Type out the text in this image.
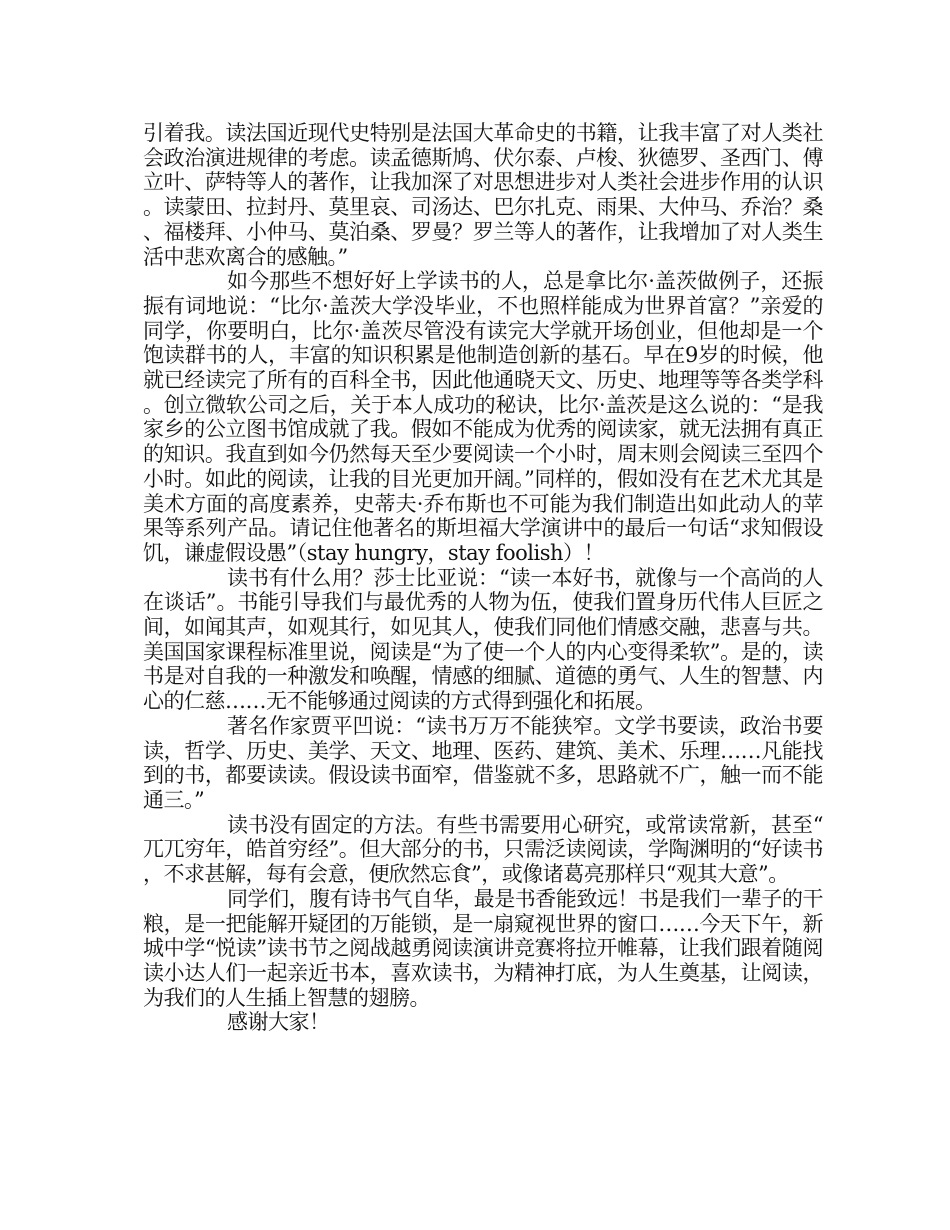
引着我。读法国近现代史特别是法国大革命史的书籍，让我丰富了对人类社会政治演进规律的考虑。读孟德斯鸠、伏尔泰、卢梭、狄德罗、圣西门、傅立叶、萨特等人的著作，让我加深了对思想进步对人类社会进步作用的认识。读蒙田、拉封丹、莫里哀、司汤达、巴尔扎克、雨果、大仲马、乔治？桑、福楼拜、小仲马、莫泊桑、罗曼？罗兰等人的著作，让我增加了对人类生活中悲欢离合的感触。”

如今那些不想好好上学读书的人，总是拿比尔·盖茨做例子，还振振有词地说：“比尔·盖茨大学没毕业，不也照样能成为世界首富？”亲爱的同学，你要明白，比尔·盖茨尽管没有读完大学就开场创业，但他却是一个饱读群书的人，丰富的知识积累是他制造创新的基石。早在9岁的时候，他就已经读完了所有的百科全书，因此他通晓天文、历史、地理等等各类学科。创立微软公司之后，关于本人成功的秘诀，比尔·盖茨是这么说的：“是我家乡的公立图书馆成就了我。假如不能成为优秀的阅读家，就无法拥有真正的知识。我直到如今仍然每天至少要阅读一个小时，周末则会阅读三至四个小时。如此的阅读，让我的目光更加开阔。”同样的，假如没有在艺术尤其是美术方面的高度素养，史蒂夫·乔布斯也不可能为我们制造出如此动人的苹果等系列产品。请记住他著名的斯坦福大学演讲中的最后一句话“求知假设饥，谦虚假设愚”（stay hungry，stay foolish）！

读书有什么用？莎士比亚说：“读一本好书，就像与一个高尚的人在谈话”。书能引导我们与最优秀的人物为伍，使我们置身历代伟人巨匠之间，如闻其声，如观其行，如见其人，使我们同他们情感交融，悲喜与共。美国国家课程标准里说，阅读是“为了使一个人的内心变得柔软”。是的，读书是对自我的一种激发和唤醒，情感的细腻、道德的勇气、人生的智慧、内心的仁慈……无不能够通过阅读的方式得到强化和拓展。

著名作家贾平凹说：“读书万万不能狭窄。文学书要读，政治书要读，哲学、历史、美学、天文、地理、医药、建筑、美术、乐理……凡能找到的书，都要读读。假设读书面窄，借鉴就不多，思路就不广，触一而不能通三。”

读书没有固定的方法。有些书需要用心研究，或常读常新，甚至“兀兀穷年，皓首穷经”。但大部分的书，只需泛读阅读，学陶渊明的“好读书，不求甚解，每有会意，便欣然忘食”，或像诸葛亮那样只“观其大意”。

同学们，腹有诗书气自华，最是书香能致远！书是我们一辈子的干粮，是一把能解开疑团的万能锁，是一扇窥视世界的窗口……今天下午，新城中学“悦读”读书节之阅战越勇阅读演讲竞赛将拉开帷幕，让我们跟着随阅读小达人们一起亲近书本，喜欢读书，为精神打底，为人生奠基，让阅读，为我们的人生插上智慧的翅膀。

感谢大家！
